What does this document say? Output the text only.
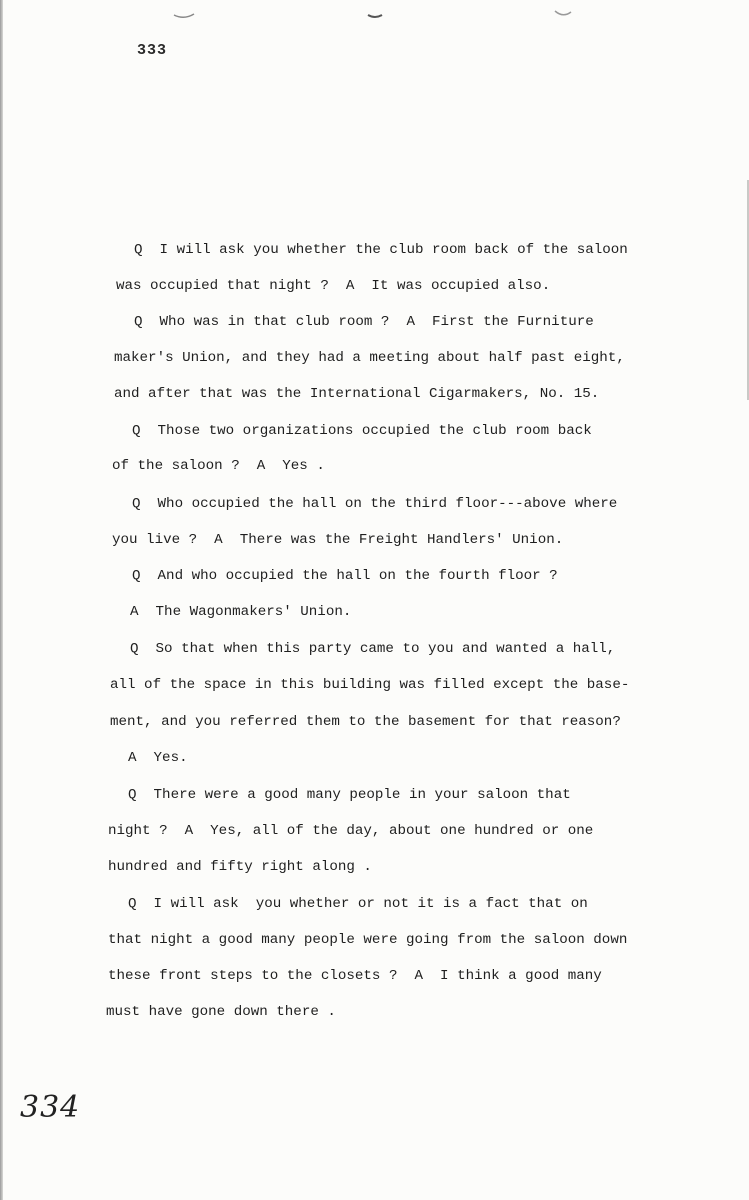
333
Q  I will ask you whether the club room back of the saloon
was occupied that night ?  A  It was occupied also.
Q  Who was in that club room ?  A  First the Furniture
maker's Union, and they had a meeting about half past eight,
and after that was the International Cigarmakers, No. 15.
Q  Those two organizations occupied the club room back
of the saloon ?  A  Yes .
Q  Who occupied the hall on the third floor---above where
you live ?  A  There was the Freight Handlers' Union.
Q  And who occupied the hall on the fourth floor ?
A  The Wagonmakers' Union.
Q  So that when this party came to you and wanted a hall,
all of the space in this building was filled except the base-
ment, and you referred them to the basement for that reason?
A  Yes.
Q  There were a good many people in your saloon that
night ?  A  Yes, all of the day, about one hundred or one
hundred and fifty right along .
Q  I will ask  you whether or not it is a fact that on
that night a good many people were going from the saloon down
these front steps to the closets ?  A  I think a good many
must have gone down there .
334
